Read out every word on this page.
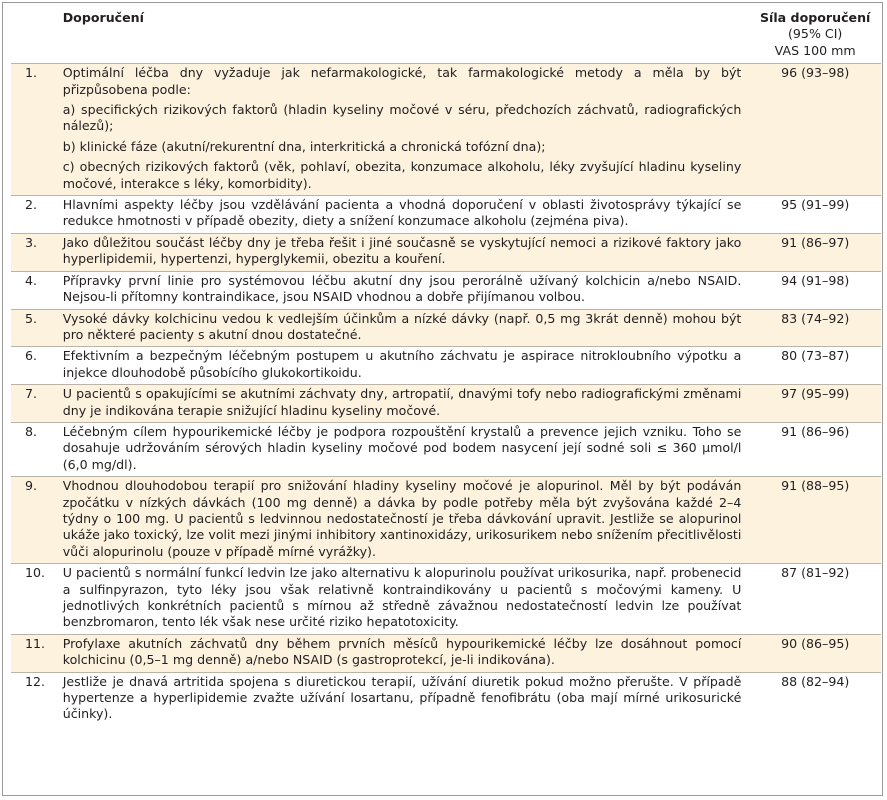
	Doporučení	Síla doporučení
(95% CI)
VAS 100 mm

1.	Optimální léčba dny vyžaduje jak nefarmakologické, tak farmakologické metody a měla by být přizpůsobena podle:
a) specifických rizikových faktorů (hladin kyseliny močové v séru, předchozích záchvatů, radiografických nálezů);
b) klinické fáze (akutní/rekurentní dna, interkritická a chronická tofózní dna);
c) obecných rizikových faktorů (věk, pohlaví, obezita, konzumace alkoholu, léky zvyšující hladinu kyseliny močové, interakce s léky, komorbidity).	96 (93–98)
2.	Hlavními aspekty léčby jsou vzdělávání pacienta a vhodná doporučení v oblasti životosprávy týkající se redukce hmotnosti v případě obezity, diety a snížení konzumace alkoholu (zejména piva).	95 (91–99)
3.	Jako důležitou součást léčby dny je třeba řešit i jiné současně se vyskytující nemoci a rizikové faktory jako hyperlipidemii, hypertenzi, hyperglykemii, obezitu a kouření.	91 (86–97)
4.	Přípravky první linie pro systémovou léčbu akutní dny jsou perorálně užívaný kolchicin a/nebo NSAID. Nejsou-li přítomny kontraindikace, jsou NSAID vhodnou a dobře přijímanou volbou.	94 (91–98)
5.	Vysoké dávky kolchicinu vedou k vedlejším účinkům a nízké dávky (např. 0,5 mg 3krát denně) mohou být pro některé pacienty s akutní dnou dostatečné.	83 (74–92)
6.	Efektivním a bezpečným léčebným postupem u akutního záchvatu je aspirace nitrokloubního výpotku a injekce dlouhodobě působícího glukokortikoidu.	80 (73–87)
7.	U pacientů s opakujícími se akutními záchvaty dny, artropatií, dnavými tofy nebo radiografickými změnami dny je indikována terapie snižující hladinu kyseliny močové.	97 (95–99)
8.	Léčebným cílem hypourikemické léčby je podpora rozpouštění krystalů a prevence jejich vzniku. Toho se dosahuje udržováním sérových hladin kyseliny močové pod bodem nasycení její sodné soli ≤ 360 μmol/l (6,0 mg/dl).	91 (86–96)
9.	Vhodnou dlouhodobou terapií pro snižování hladiny kyseliny močové je alopurinol. Měl by být podáván zpočátku v nízkých dávkách (100 mg denně) a dávka by podle potřeby měla být zvyšována každé 2–4 týdny o 100 mg. U pacientů s ledvinnou nedostatečností je třeba dávkování upravit. Jestliže se alopurinol ukáže jako toxický, lze volit mezi jinými inhibitory xantinoxidázy, urikosurikem nebo snížením přecitlivělosti vůči alopurinolu (pouze v případě mírné vyrážky).	91 (88–95)
10.	U pacientů s normální funkcí ledvin lze jako alternativu k alopurinolu používat urikosurika, např. probenecid a sulfinpyrazon, tyto léky jsou však relativně kontraindikovány u pacientů s močovými kameny. U jednotlivých konkrétních pacientů s mírnou až středně závažnou nedostatečností ledvin lze používat benzbromaron, tento lék však nese určité riziko hepatotoxicity.	87 (81–92)
11.	Profylaxe akutních záchvatů dny během prvních měsíců hypourikemické léčby lze dosáhnout pomocí kolchicinu (0,5–1 mg denně) a/nebo NSAID (s gastroprotekcí, je-li indikována).	90 (86–95)
12.	Jestliže je dnavá artritida spojena s diuretickou terapií, užívání diuretik pokud možno přerušte. V případě hypertenze a hyperlipidemie zvažte užívání losartanu, případně fenofibrátu (oba mají mírné urikosurické účinky).	88 (82–94)
